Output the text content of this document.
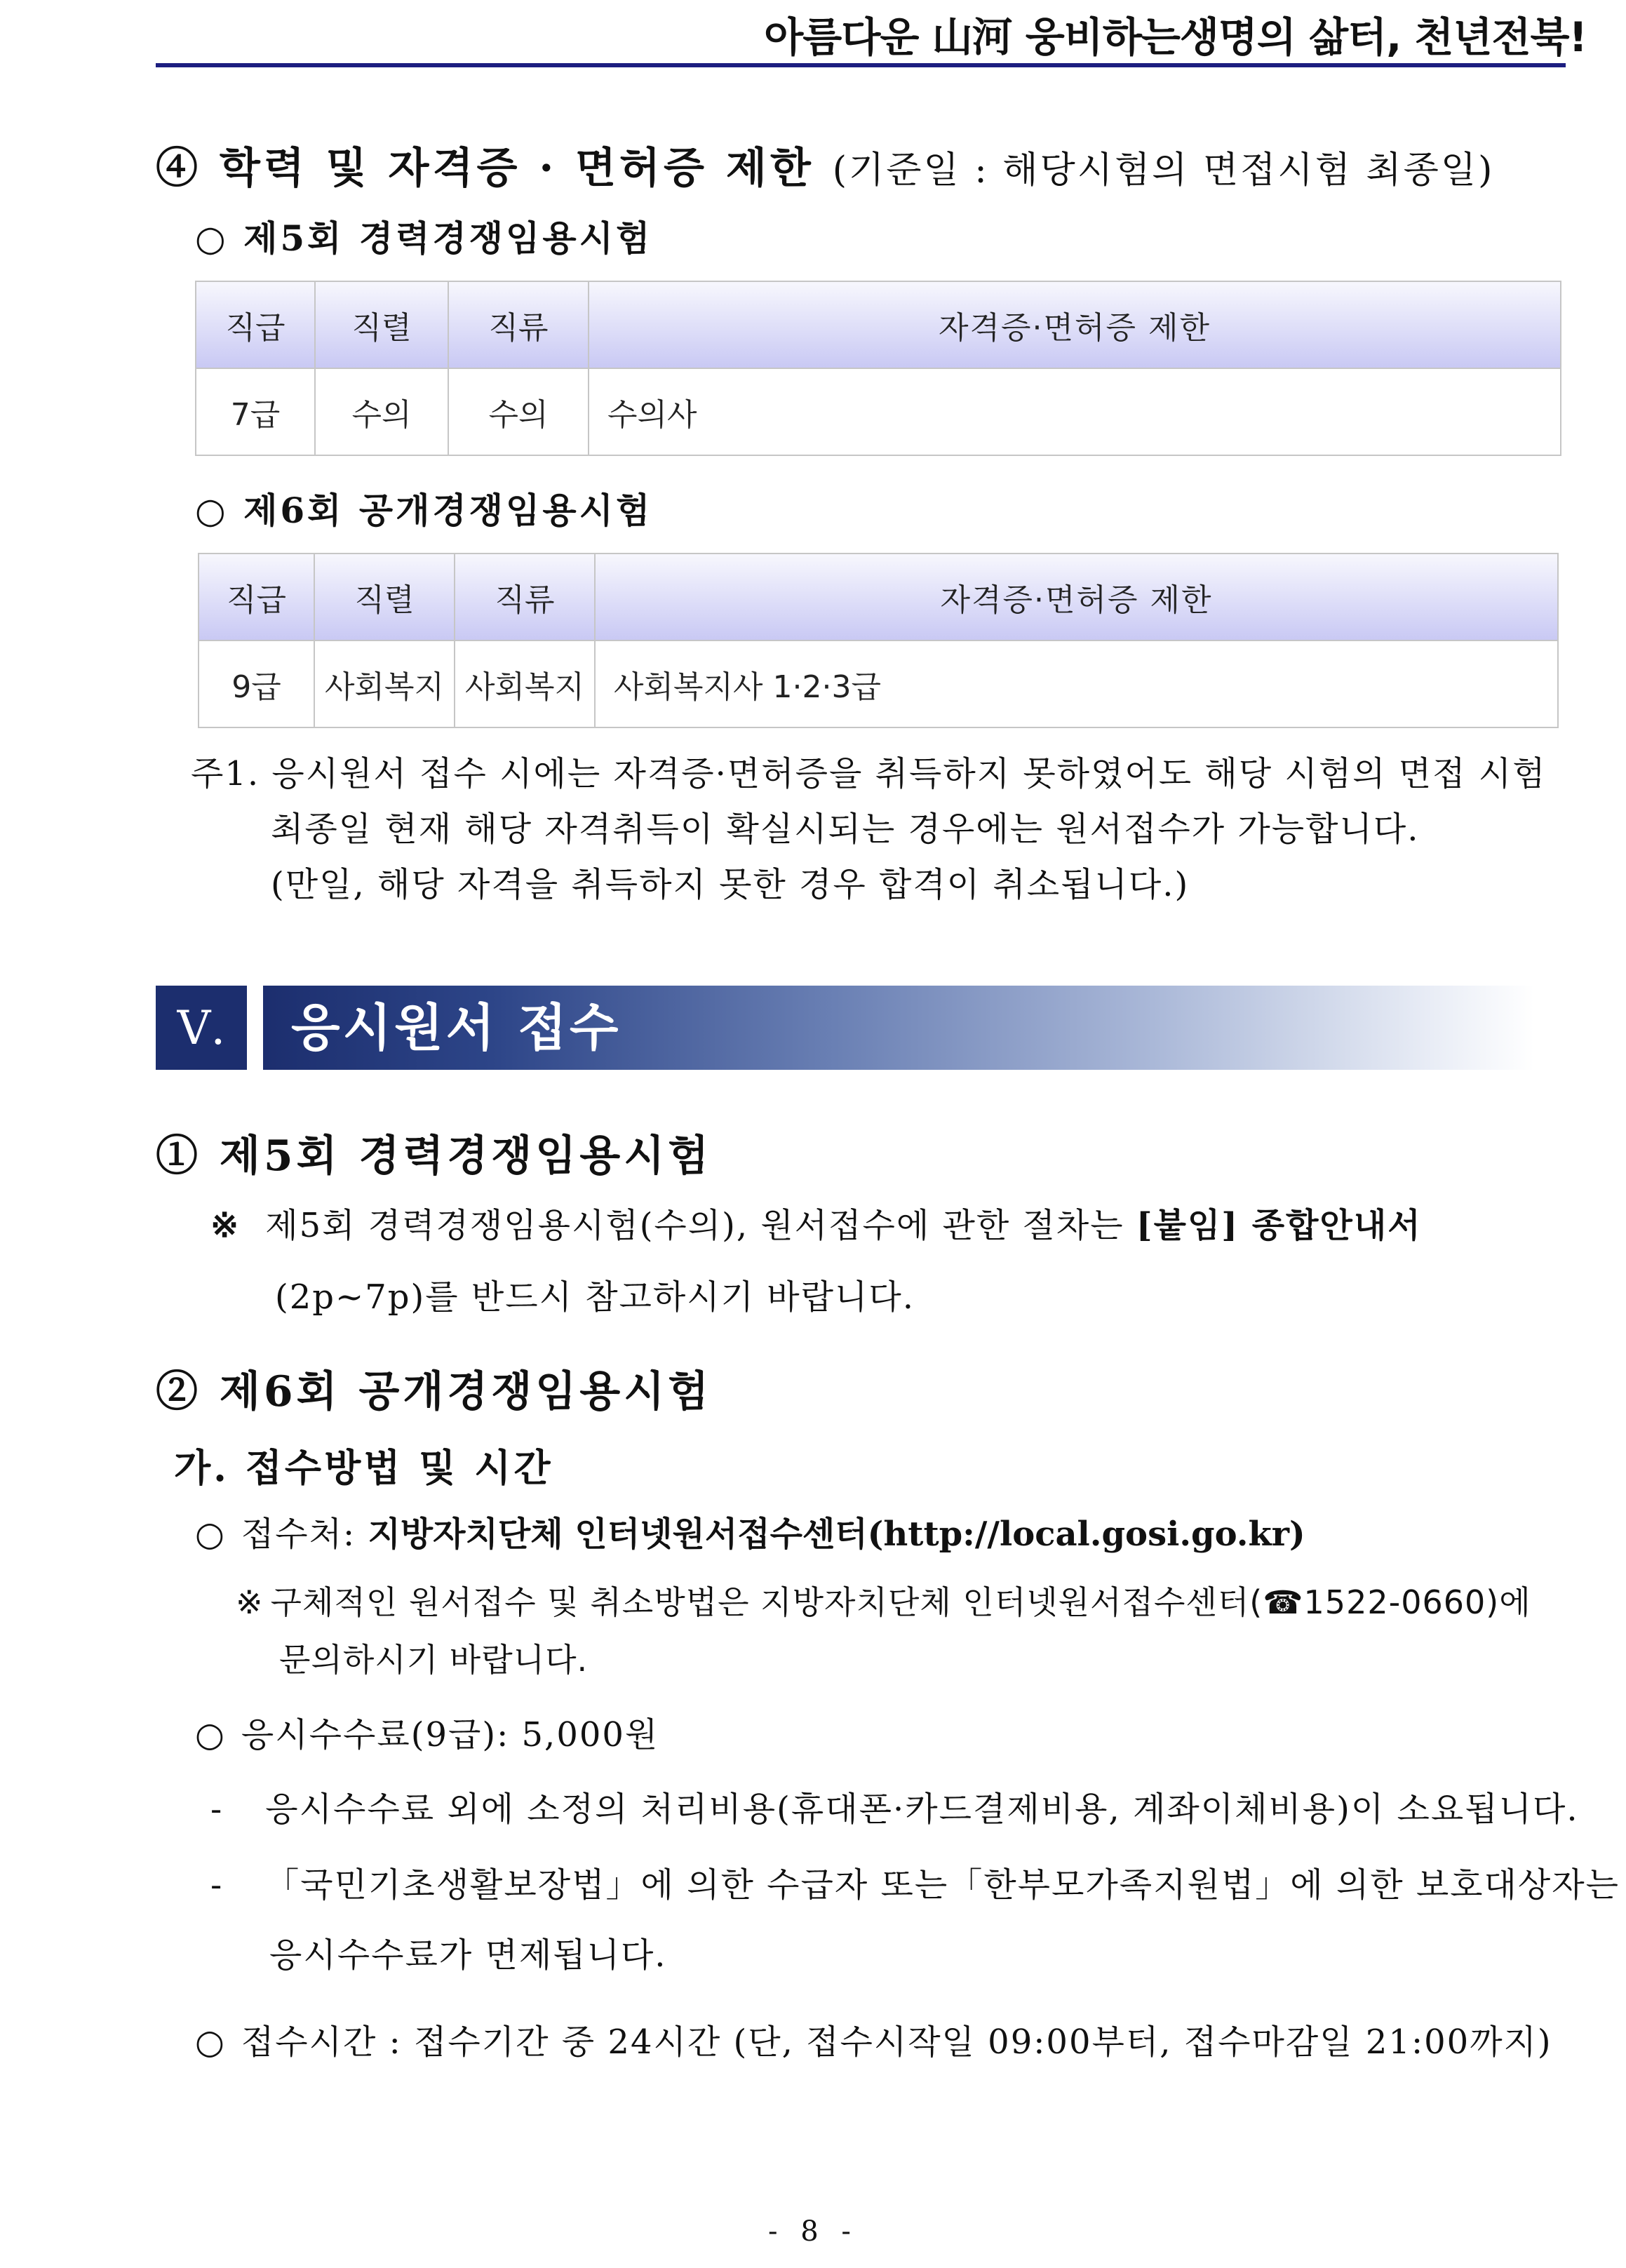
아름다운 山河 웅비하는생명의 삶터, 천년전북!
④ 학력 및 자격증 · 면허증 제한 (기준일 : 해당시험의 면접시험 최종일)
○ 제5회 경력경쟁임용시험
직급	직렬	직류	자격증·면허증 제한
7급	수의	수의	수의사
○ 제6회 공개경쟁임용시험
직급	직렬	직류	자격증·면허증 제한
9급	사회복지	사회복지	사회복지사 1·2·3급
주1. 응시원서 접수 시에는 자격증·면허증을 취득하지 못하였어도 해당 시험의 면접 시험
최종일 현재 해당 자격취득이 확실시되는 경우에는 원서접수가 가능합니다.
(만일, 해당 자격을 취득하지 못한 경우 합격이 취소됩니다.)
Ⅴ. 응시원서 접수
① 제5회 경력경쟁임용시험
※ 제5회 경력경쟁임용시험(수의), 원서접수에 관한 절차는 [붙임] 종합안내서
(2p~7p)를 반드시 참고하시기 바랍니다.
② 제6회 공개경쟁임용시험
가. 접수방법 및 시간
○ 접수처: 지방자치단체 인터넷원서접수센터(http://local.gosi.go.kr)
※ 구체적인 원서접수 및 취소방법은 지방자치단체 인터넷원서접수센터(☎1522-0660)에
문의하시기 바랍니다.
○ 응시수수료(9급): 5,000원
- 응시수수료 외에 소정의 처리비용(휴대폰·카드결제비용, 계좌이체비용)이 소요됩니다.
- 「국민기초생활보장법」에 의한 수급자 또는「한부모가족지원법」에 의한 보호대상자는
응시수수료가 면제됩니다.
○ 접수시간 : 접수기간 중 24시간 (단, 접수시작일 09:00부터, 접수마감일 21:00까지)
- 8 -
